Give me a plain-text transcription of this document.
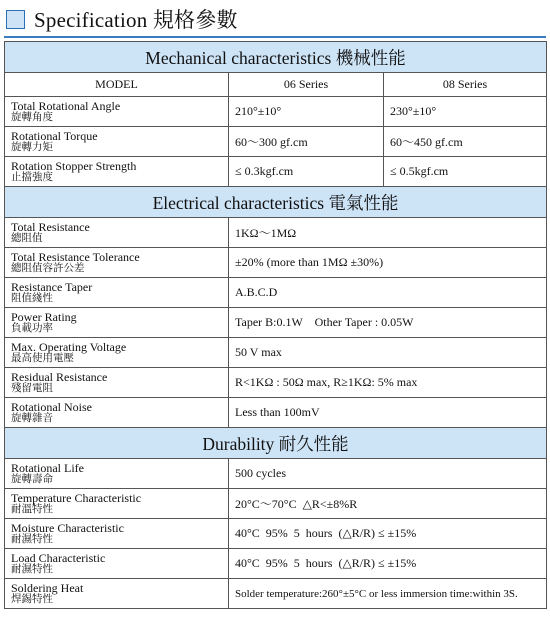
Specification 規格參數
Mechanical characteristics 機械性能		
MODEL	06 Series	08 Series

Total Rotational Angle
旋轉角度	210°±10°	230°±10°

Rotational Torque
旋轉力矩	60～300 gf.cm	60～450 gf.cm

Rotation Stopper Strength
止擋強度	≤ 0.3kgf.cm	≤ 0.5kgf.cm
Electrical characteristics 電氣性能		

Total Resistance
總阻值	1KΩ～1MΩ	

Total Resistance Tolerance
總阻值容許公差	±20% (more than 1MΩ ±30%)	

Resistance Taper
阻值綫性	A.B.C.D	

Power Rating
負載功率	Taper B:0.1W    Other Taper : 0.05W	

Max. Operating Voltage
最高使用電壓	50 V max	

Residual Resistance
殘留電阻	R<1KΩ : 50Ω max, R≥1KΩ: 5% max	

Rotational Noise
旋轉雜音	Less than 100mV	
Durability 耐久性能		

Rotational Life
旋轉壽命	500 cycles	

Temperature Characteristic
耐溫特性	20°C～70°C  △R<±8%R	

Moisture Characteristic
耐濕特性	40°C  95%  5  hours  (△R/R) ≤ ±15%	

Load Characteristic
耐濕特性	40°C  95%  5  hours  (△R/R) ≤ ±15%	

Soldering Heat
焊錫特性	Solder temperature:260°±5°C or less immersion time:within 3S.	
